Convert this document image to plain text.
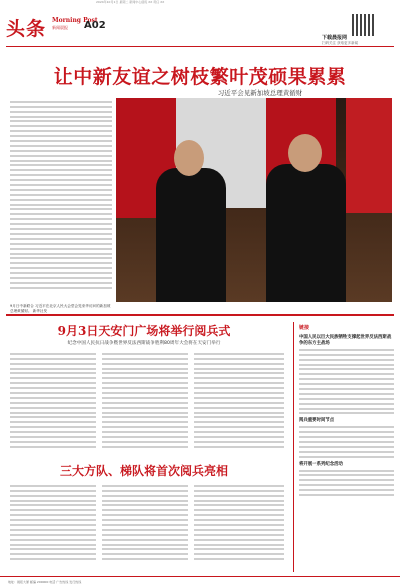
2024年10月1日 星期二 新闻中心值班 XX 责任 XX
头条 Morning Post
新闻晨报 A02
下载晨报网
扫码关注 获取更多新闻
让中新友谊之树枝繁叶茂硕果累累
习近平会见新加坡总理黄循财
9月日中新联合 习近平在北京人民大会堂会见来华访问的新加坡总理黄循财。 新华社发
9月3日天安门广场将举行阅兵式
纪念中国人民抗日战争暨世界反法西斯战争胜利80周年大会将在天安门举行
三大方队、梯队将首次阅兵亮相
链接
中国人民以巨大民族牺牲支撑起世界反法西斯战争的东方主战场
阅兵重要时间节点
将开展一系列纪念活动
地址：晨报大厦 邮编 200000 电话 广告热线 发行热线
